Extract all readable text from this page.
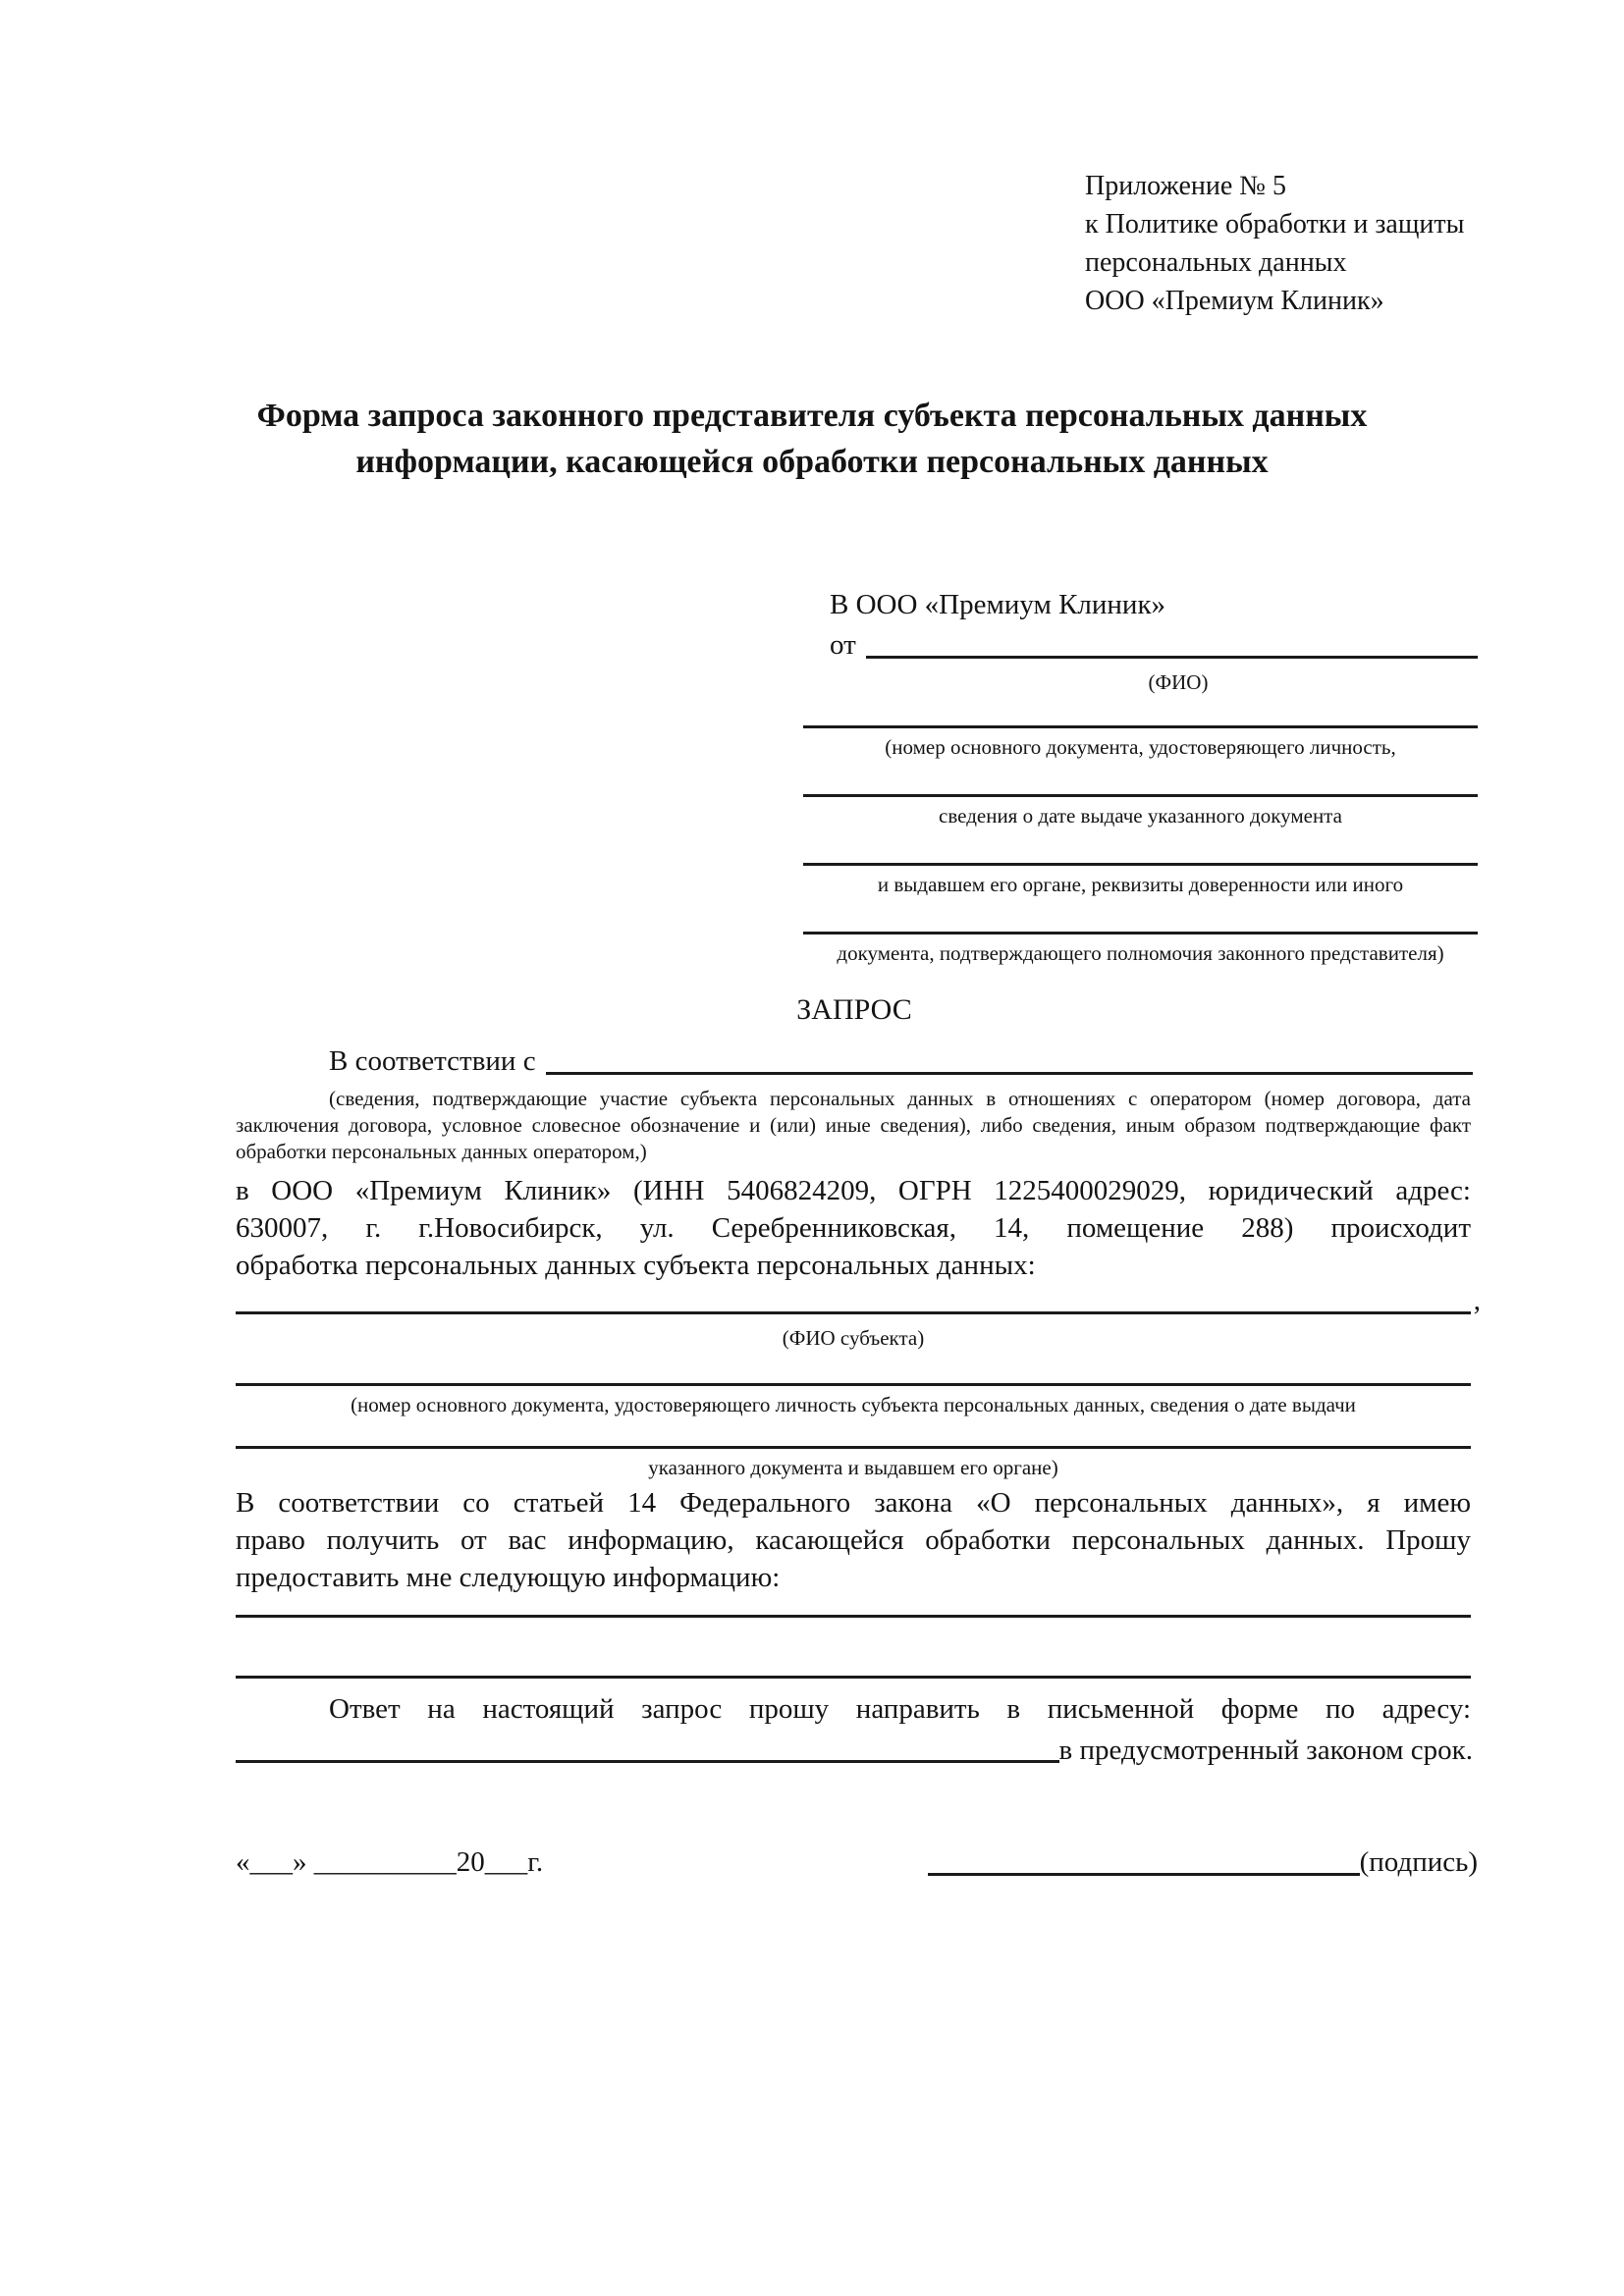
Приложение № 5
к Политике обработки и защиты
персональных данных
ООО «Премиум Клиник»
Форма запроса законного представителя субъекта персональных данных
информации, касающейся обработки персональных данных
В ООО «Премиум Клиник»
от
(ФИО)
(номер основного документа, удостоверяющего личность,
сведения о дате выдаче указанного документа
и выдавшем его органе, реквизиты доверенности или иного
документа, подтверждающего полномочия законного представителя)
ЗАПРОС
В соответствии с
(сведения, подтверждающие участие субъекта персональных данных в отношениях с оператором (номер договора, дата
заключения договора, условное словесное обозначение и (или) иные сведения), либо сведения, иным образом подтверждающие факт
обработки персональных данных оператором,)
в ООО «Премиум Клиник» (ИНН 5406824209, ОГРН 1225400029029, юридический адрес:
630007, г. г.Новосибирск, ул. Серебренниковская, 14, помещение 288) происходит
обработка персональных данных субъекта персональных данных:
,
(ФИО субъекта)
(номер основного документа, удостоверяющего личность субъекта персональных данных, сведения о дате выдачи
указанного документа и выдавшем его органе)
В соответствии со статьей 14 Федерального закона «О персональных данных», я имею
право получить от вас информацию, касающейся обработки персональных данных. Прошу
предоставить мне следующую информацию:
Ответ на настоящий запрос прошу направить в письменной форме по адресу:
в предусмотренный законом срок.
«___» __________20___г.	(подпись)
